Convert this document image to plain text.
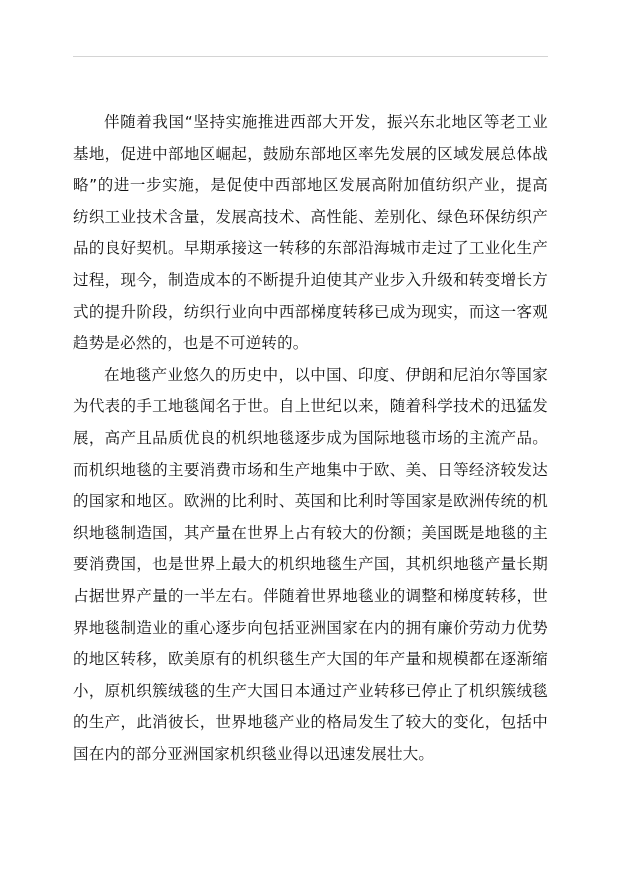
伴随着我国“坚持实施推进西部大开发，振兴东北地区等老工业基地，促进中部地区崛起，鼓励东部地区率先发展的区域发展总体战略”的进一步实施，是促使中西部地区发展高附加值纺织产业，提高纺织工业技术含量，发展高技术、高性能、差别化、绿色环保纺织产品的良好契机。早期承接这一转移的东部沿海城市走过了工业化生产过程，现今，制造成本的不断提升迫使其产业步入升级和转变增长方式的提升阶段，纺织行业向中西部梯度转移已成为现实，而这一客观趋势是必然的，也是不可逆转的。

在地毯产业悠久的历史中，以中国、印度、伊朗和尼泊尔等国家为代表的手工地毯闻名于世。自上世纪以来，随着科学技术的迅猛发展，高产且品质优良的机织地毯逐步成为国际地毯市场的主流产品。而机织地毯的主要消费市场和生产地集中于欧、美、日等经济较发达的国家和地区。欧洲的比利时、英国和比利时等国家是欧洲传统的机织地毯制造国，其产量在世界上占有较大的份额；美国既是地毯的主要消费国，也是世界上最大的机织地毯生产国，其机织地毯产量长期占据世界产量的一半左右。伴随着世界地毯业的调整和梯度转移，世界地毯制造业的重心逐步向包括亚洲国家在内的拥有廉价劳动力优势的地区转移，欧美原有的机织毯生产大国的年产量和规模都在逐渐缩小，原机织簇绒毯的生产大国日本通过产业转移已停止了机织簇绒毯的生产，此消彼长，世界地毯产业的格局发生了较大的变化，包括中国在内的部分亚洲国家机织毯业得以迅速发展壮大。
